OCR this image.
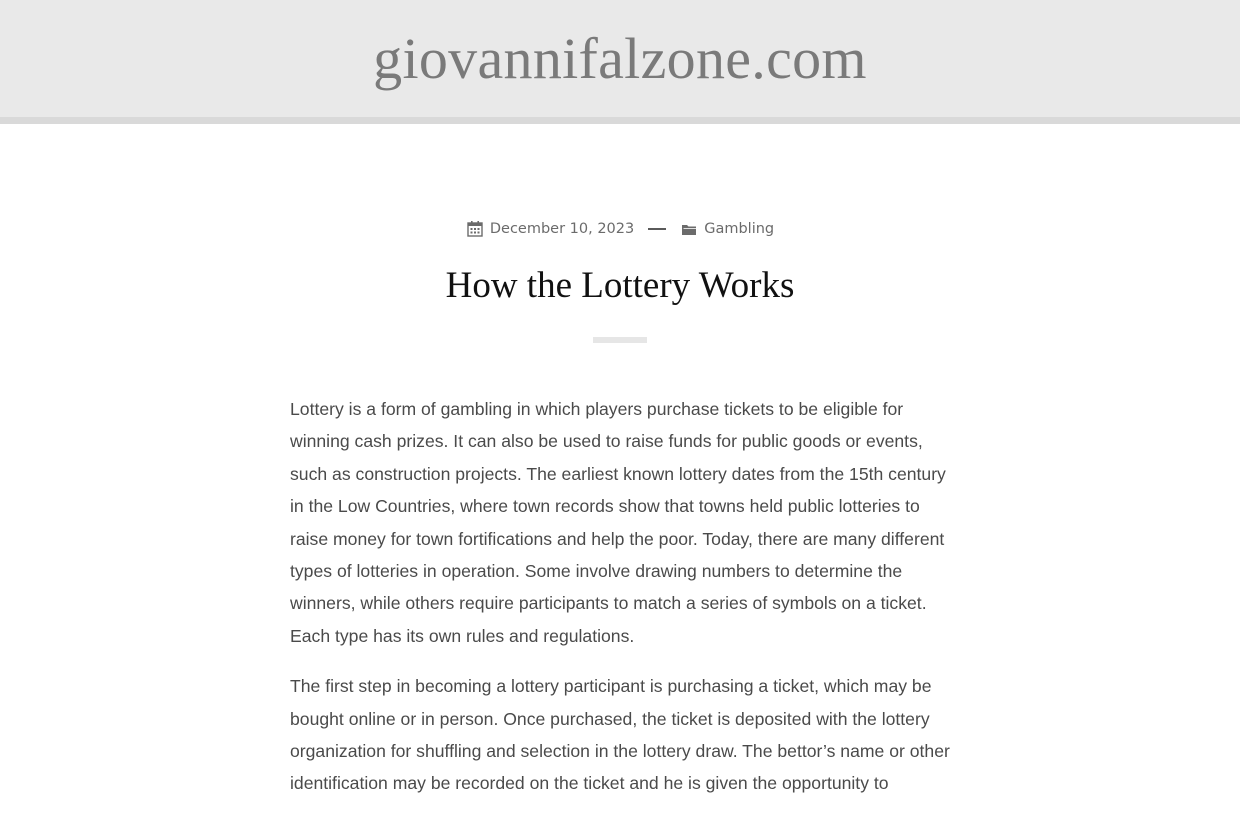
giovannifalzone.com
December 10, 2023	Gambling
How the Lottery Works

Lottery is a form of gambling in which players purchase tickets to be eligible for winning cash prizes. It can also be used to raise funds for public goods or events, such as construction projects. The earliest known lottery dates from the 15th century in the Low Countries, where town records show that towns held public lotteries to raise money for town fortifications and help the poor. Today, there are many different types of lotteries in operation. Some involve drawing numbers to determine the winners, while others require participants to match a series of symbols on a ticket. Each type has its own rules and regulations.

The first step in becoming a lottery participant is purchasing a ticket, which may be bought online or in person. Once purchased, the ticket is deposited with the lottery organization for shuffling and selection in the lottery draw. The bettor’s name or other identification may be recorded on the ticket and he is given the opportunity to
